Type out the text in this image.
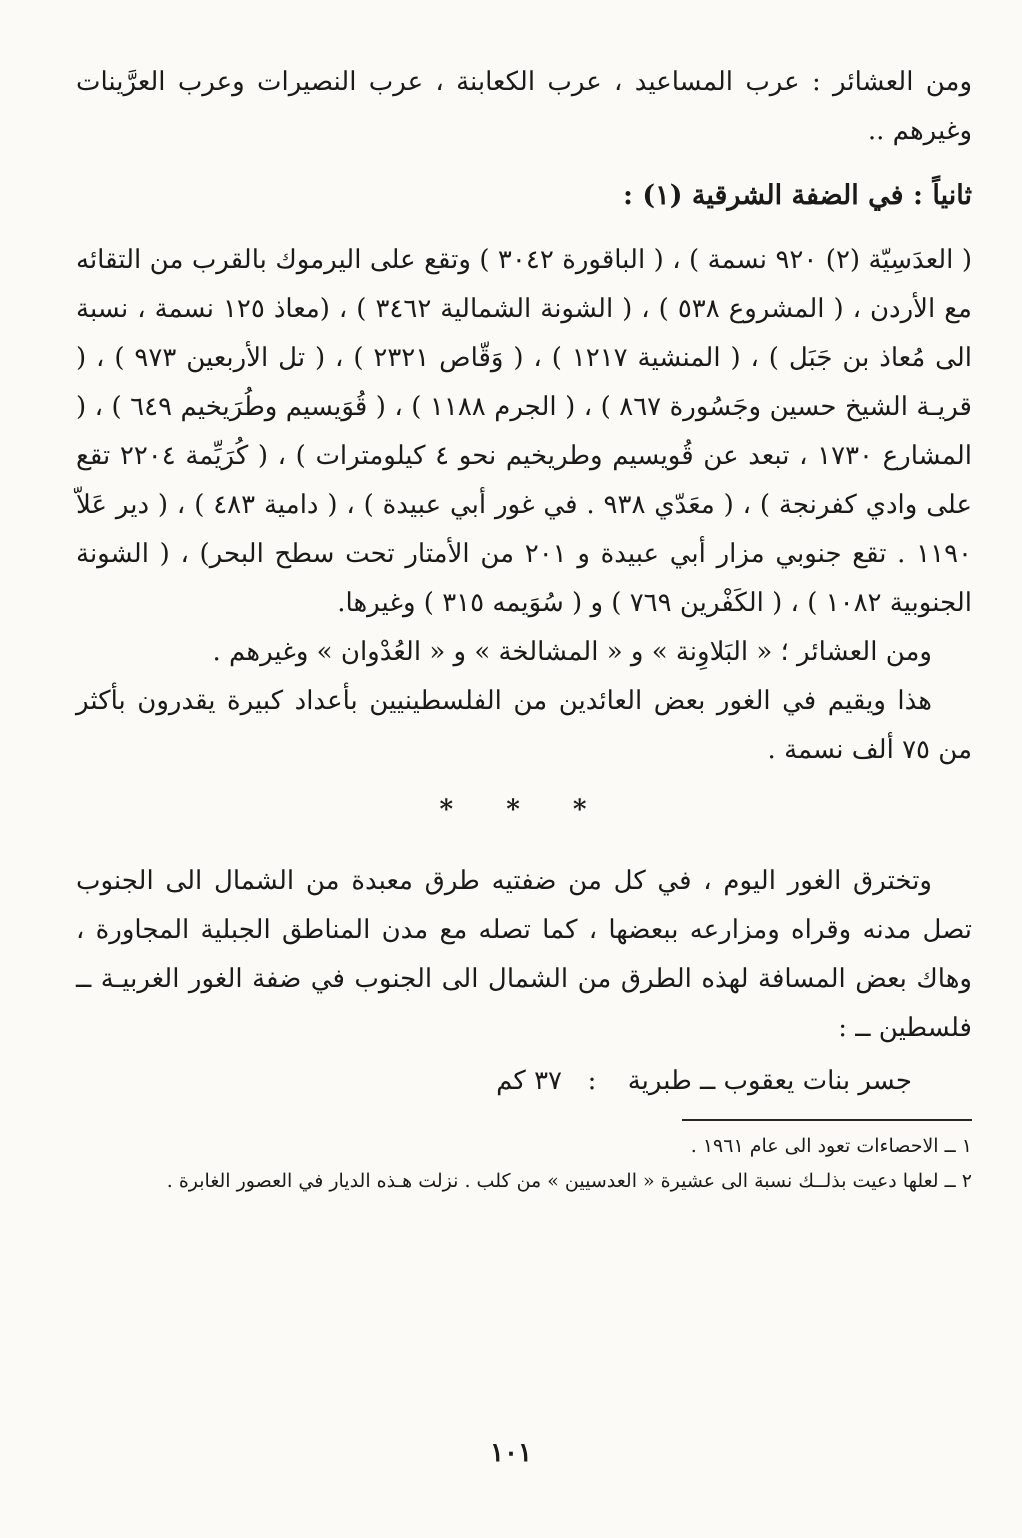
ومن العشائر : عرب المساعيد ، عرب الكعابنة ، عرب النصيرات وعرب العرَّينات وغيرهم ..

ثانياً : في الضفة الشرقية (١) :

( العدَسِيّة (٢) ٩٢٠ نسمة ) ، ( الباقورة ٣٠٤٢ ) وتقع على اليرموك بالقرب من التقائه مع الأردن ، ( المشروع ٥٣٨ ) ، ( الشونة الشمالية ٣٤٦٢ ) ، (معاذ ١٢٥ نسمة ، نسبة الى مُعاذ بن جَبَل ) ، ( المنشية ١٢١٧ ) ، ( وَقّاص ٢٣٢١ ) ، ( تل الأربعين ٩٧٣ ) ، ( قريـة الشيخ حسين وجَسُورة ٨٦٧ ) ، ( الجرم ١١٨٨ ) ، ( قُوَيسيم وطُرَيخيم ٦٤٩ ) ، ( المشارع ١٧٣٠ ، تبعد عن قُويسيم وطريخيم نحو ٤ كيلومترات ) ، ( كُرَيِّمة ٢٢٠٤ تقع على وادي كفرنجة ) ، ( معَدّي ٩٣٨ . في غور أبي عبيدة ) ، ( دامية ٤٨٣ ) ، ( دير عَلاّ ١١٩٠ . تقع جنوبي مزار أبي عبيدة و ٢٠١ من الأمتار تحت سطح البحر) ، ( الشونة الجنوبية ١٠٨٢ ) ، ( الكَفْرين ٧٦٩ ) و ( سُوَيمه ٣١٥ ) وغيرها.

ومن العشائر ؛ « البَلاوِنة » و « المشالخة » و « العُدْوان » وغيرهم .

هذا ويقيم في الغور بعض العائدين من الفلسطينيين بأعداد كبيرة يقدرون بأكثر من ٧٥ ألف نسمة .

* * *

وتخترق الغور اليوم ، في كل من ضفتيه طرق معبدة من الشمال الى الجنوب تصل مدنه وقراه ومزارعه ببعضها ، كما تصله مع مدن المناطق الجبلية المجاورة ، وهاك بعض المسافة لهذه الطرق من الشمال الى الجنوب في ضفة الغور الغربيـة ــ فلسطين ــ :

جسر بنات يعقوب ــ طبرية
:
٣٧ كم

١ ــ الاحصاءات تعود الى عام ١٩٦١ .

٢ ــ لعلها دعيت بذلــك نسبة الى عشيرة « العدسيين » من كلب . نزلت هـذه الديار في العصور الغابرة .

١٠١
